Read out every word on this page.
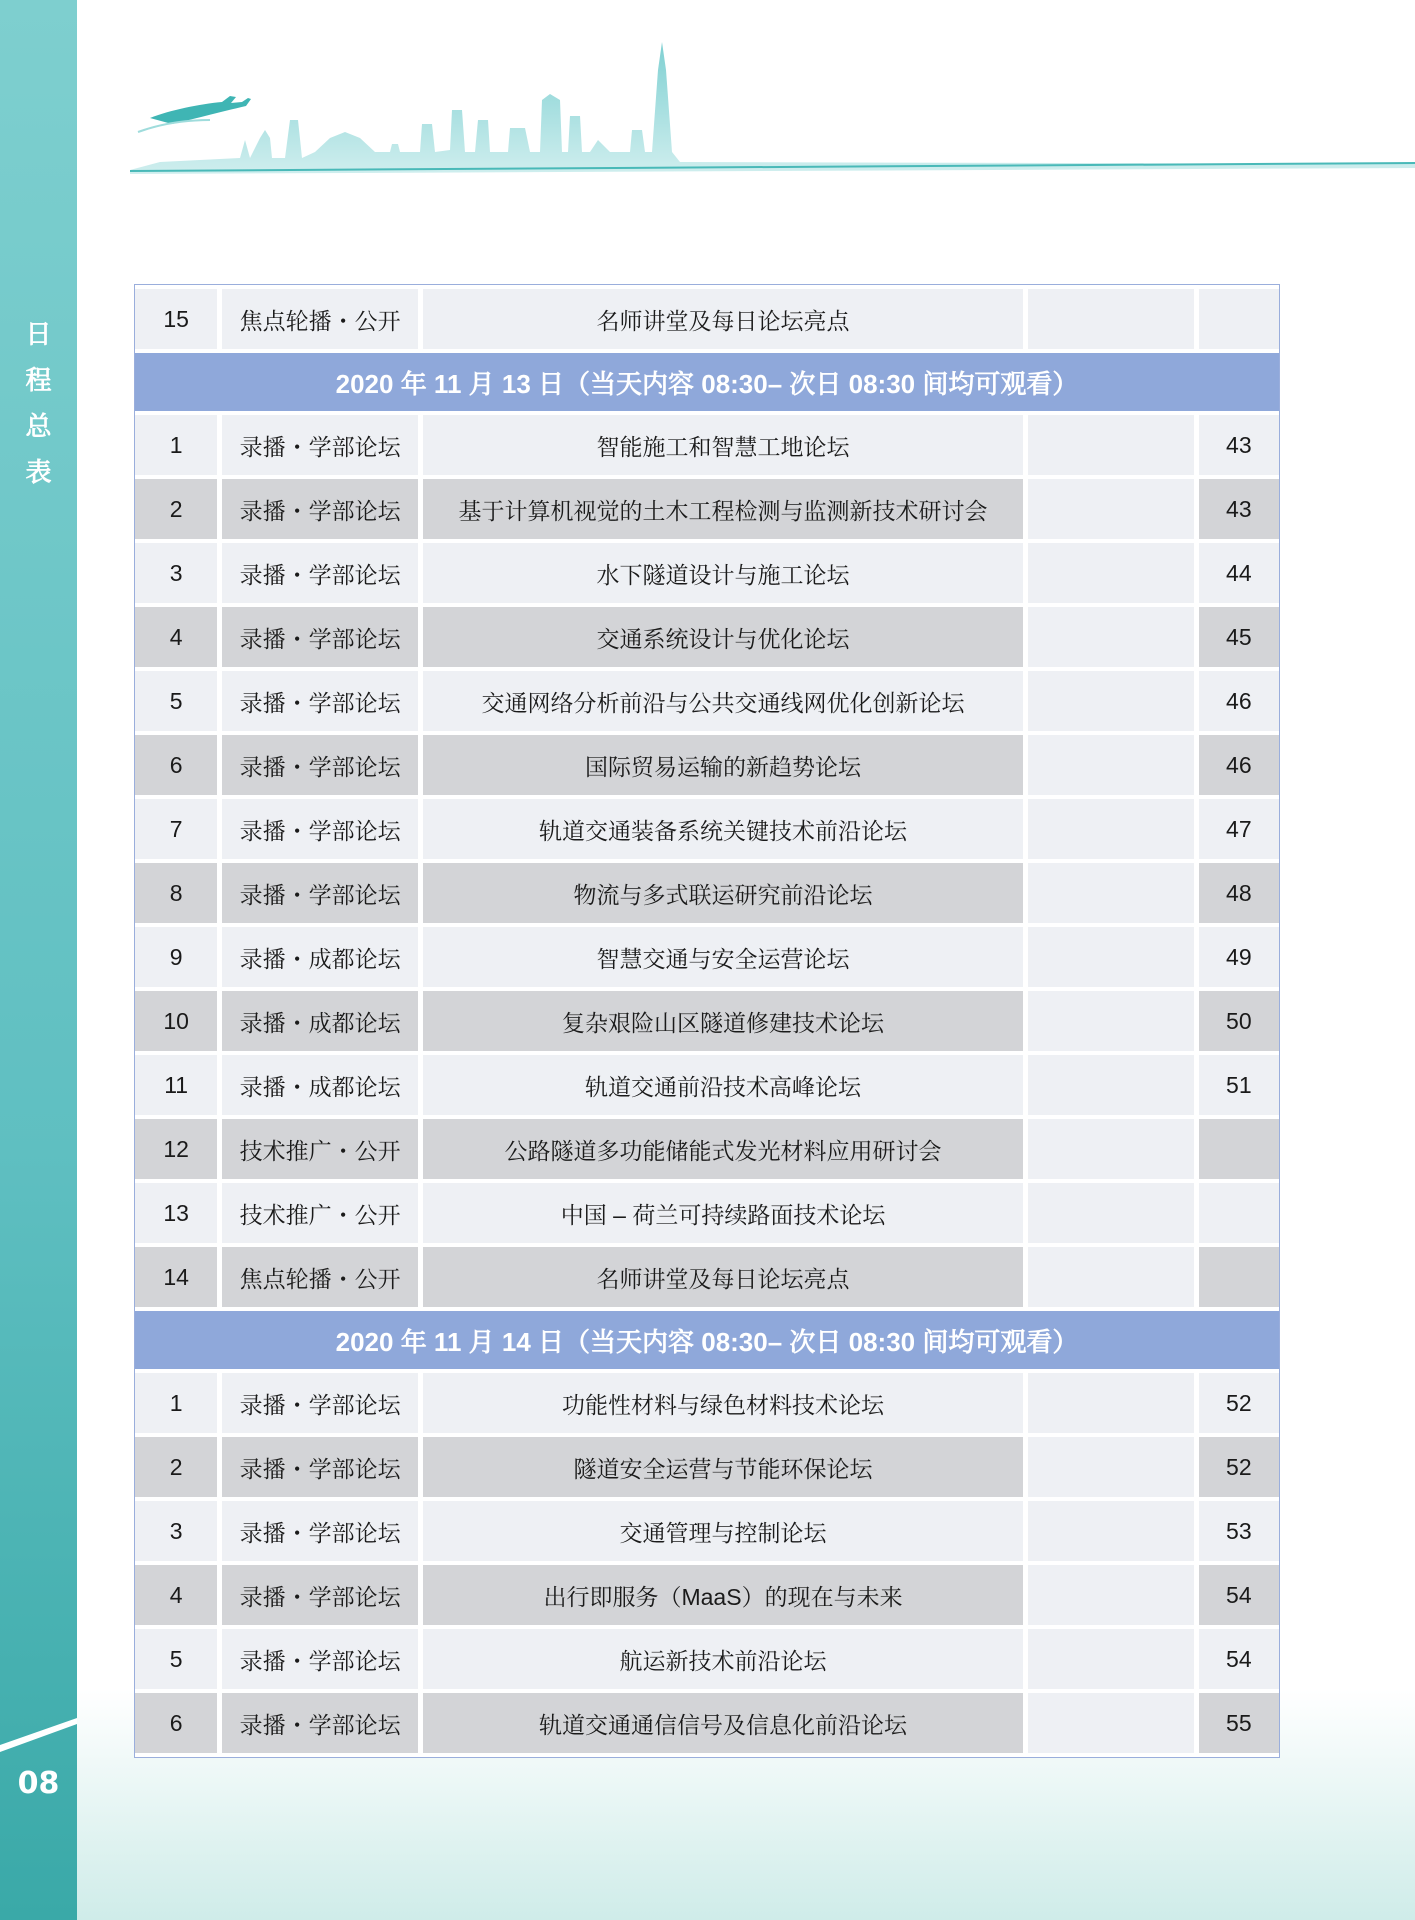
日
程
总
表
08
15	焦点轮播・公开	名师讲堂及每日论坛亮点		
2020 年 11 月 13 日（当天内容 08:30– 次日 08:30 间均可观看）				
1	录播・学部论坛	智能施工和智慧工地论坛		43
2	录播・学部论坛	基于计算机视觉的土木工程检测与监测新技术研讨会		43
3	录播・学部论坛	水下隧道设计与施工论坛		44
4	录播・学部论坛	交通系统设计与优化论坛		45
5	录播・学部论坛	交通网络分析前沿与公共交通线网优化创新论坛		46
6	录播・学部论坛	国际贸易运输的新趋势论坛		46
7	录播・学部论坛	轨道交通装备系统关键技术前沿论坛		47
8	录播・学部论坛	物流与多式联运研究前沿论坛		48
9	录播・成都论坛	智慧交通与安全运营论坛		49
10	录播・成都论坛	复杂艰险山区隧道修建技术论坛		50
11	录播・成都论坛	轨道交通前沿技术高峰论坛		51
12	技术推广・公开	公路隧道多功能储能式发光材料应用研讨会		
13	技术推广・公开	中国 – 荷兰可持续路面技术论坛		
14	焦点轮播・公开	名师讲堂及每日论坛亮点		
2020 年 11 月 14 日（当天内容 08:30– 次日 08:30 间均可观看）				
1	录播・学部论坛	功能性材料与绿色材料技术论坛		52
2	录播・学部论坛	隧道安全运营与节能环保论坛		52
3	录播・学部论坛	交通管理与控制论坛		53
4	录播・学部论坛	出行即服务（MaaS）的现在与未来		54
5	录播・学部论坛	航运新技术前沿论坛		54
6	录播・学部论坛	轨道交通通信信号及信息化前沿论坛		55
